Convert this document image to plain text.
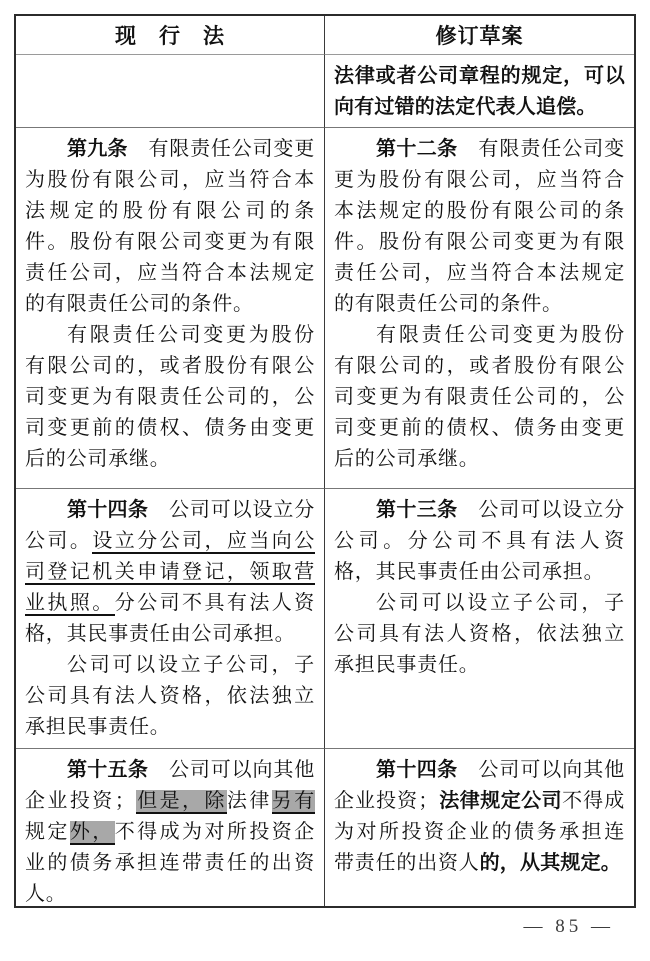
现　行　法	修订草案

法律或者公司章程的规定，可以向有过错的法定代表人追偿。

第九条　有限责任公司变更为股份有限公司，应当符合本法规定的股份有限公司的条件。股份有限公司变更为有限责任公司，应当符合本法规定的有限责任公司的条件。

有限责任公司变更为股份有限公司的，或者股份有限公司变更为有限责任公司的，公司变更前的债权、债务由变更后的公司承继。

第十二条　有限责任公司变更为股份有限公司，应当符合本法规定的股份有限公司的条件。股份有限公司变更为有限责任公司，应当符合本法规定的有限责任公司的条件。

有限责任公司变更为股份有限公司的，或者股份有限公司变更为有限责任公司的，公司变更前的债权、债务由变更后的公司承继。

第十四条　公司可以设立分公司。设立分公司，应当向公司登记机关申请登记，领取营业执照。分公司不具有法人资格，其民事责任由公司承担。

公司可以设立子公司，子公司具有法人资格，依法独立承担民事责任。

第十三条　公司可以设立分公司。分公司不具有法人资格，其民事责任由公司承担。

公司可以设立子公司，子公司具有法人资格，依法独立承担民事责任。

第十五条　公司可以向其他企业投资；但是，除法律另有规定外，不得成为对所投资企业的债务承担连带责任的出资人。

第十四条　公司可以向其他企业投资；法律规定公司不得成为对所投资企业的债务承担连带责任的出资人的，从其规定。

— 85 —
